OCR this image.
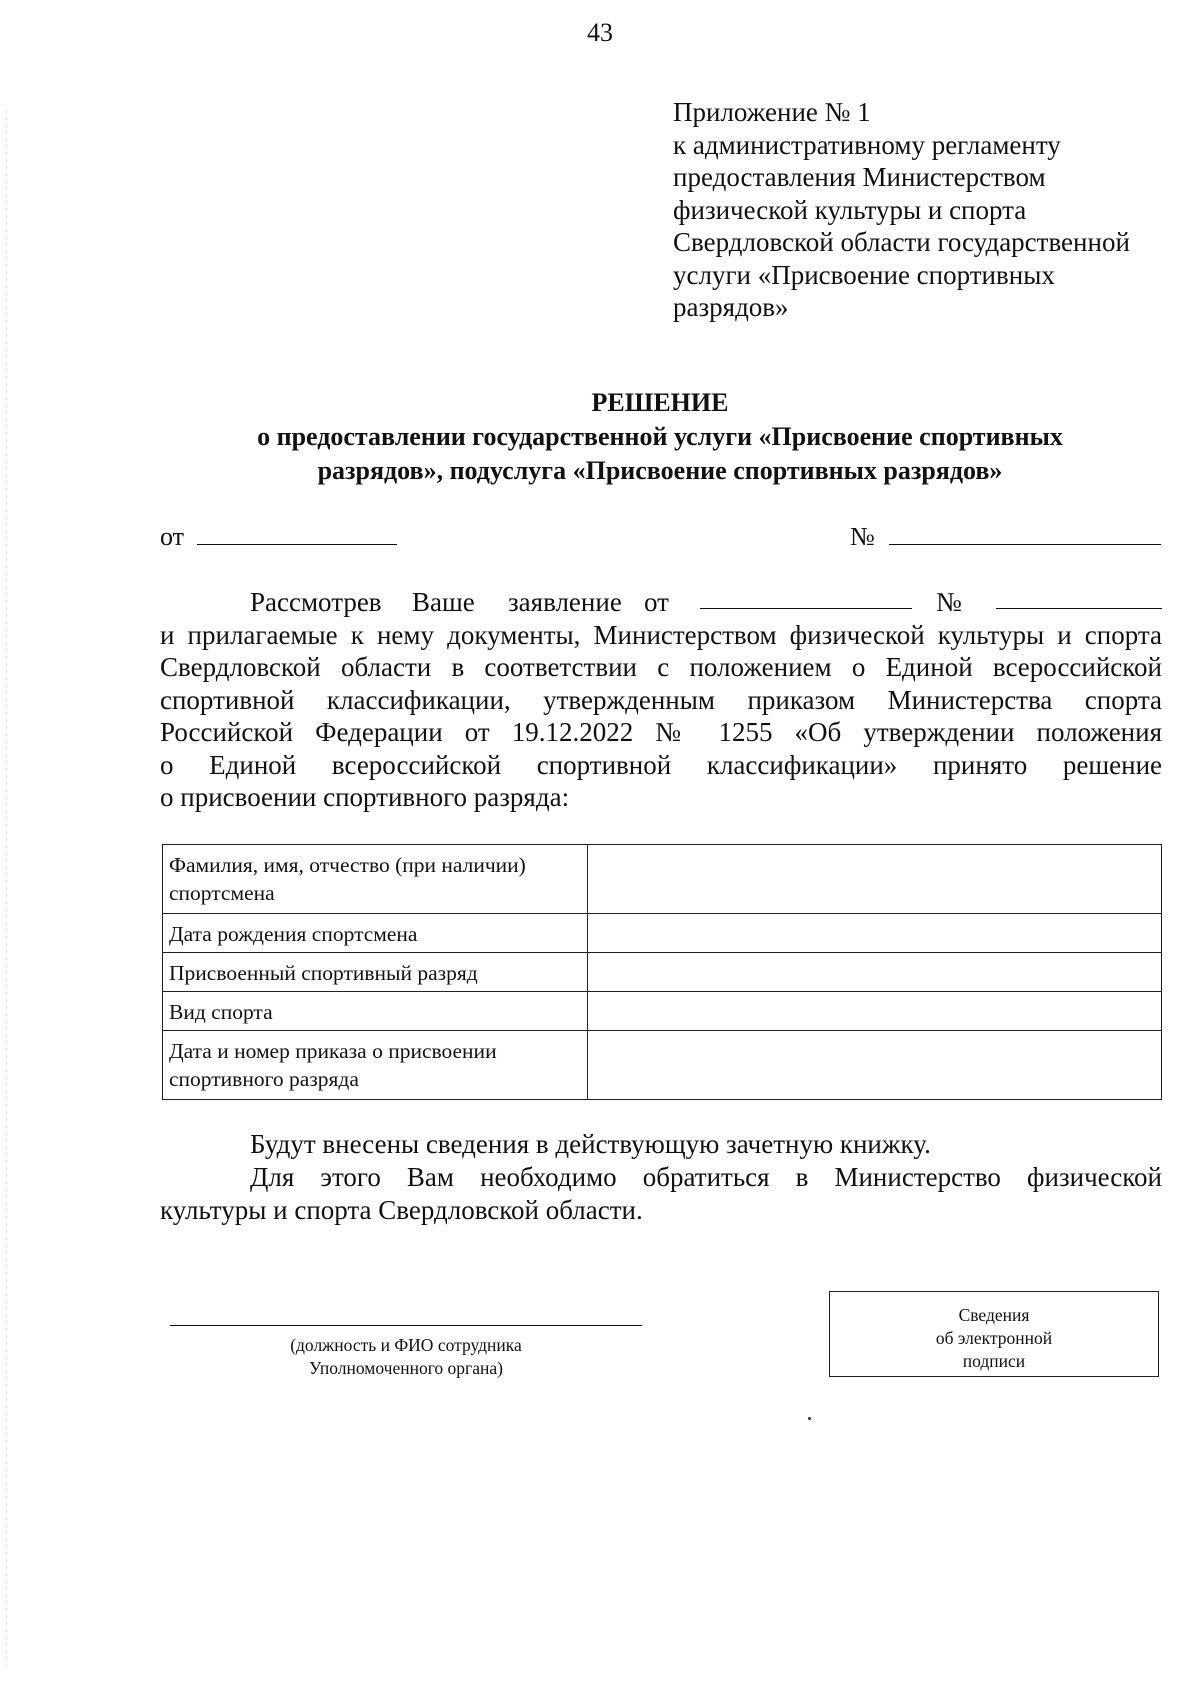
43
Приложение № 1
к административному регламенту
предоставления Министерством
физической культуры и спорта
Свердловской области государственной
услуги «Присвоение спортивных
разрядов»
РЕШЕНИЕ
о предоставлении государственной услуги «Присвоение спортивных
разрядов», подуслуга «Присвоение спортивных разрядов»
от	№
Рассмотрев Ваше заявление от	№
и прилагаемые к нему документы, Министерством физической культуры и спорта
Свердловской области в соответствии с положением о Единой всероссийской
спортивной классификации, утвержденным приказом Министерства спорта
Российской Федерации от 19.12.2022 № 1255 «Об утверждении положения
о Единой всероссийской спортивной классификации» принято решение
о присвоении спортивного разряда:
Фамилия, имя, отчество (при наличии) спортсмена	
Дата рождения спортсмена	
Присвоенный спортивный разряд	
Вид спорта	
Дата и номер приказа о присвоении спортивного разряда	
Будут внесены сведения в действующую зачетную книжку.
Для этого Вам необходимо обратиться в Министерство физической
культуры и спорта Свердловской области.
(должность и ФИО сотрудника
Уполномоченного органа)
Сведения
об электронной
подписи
